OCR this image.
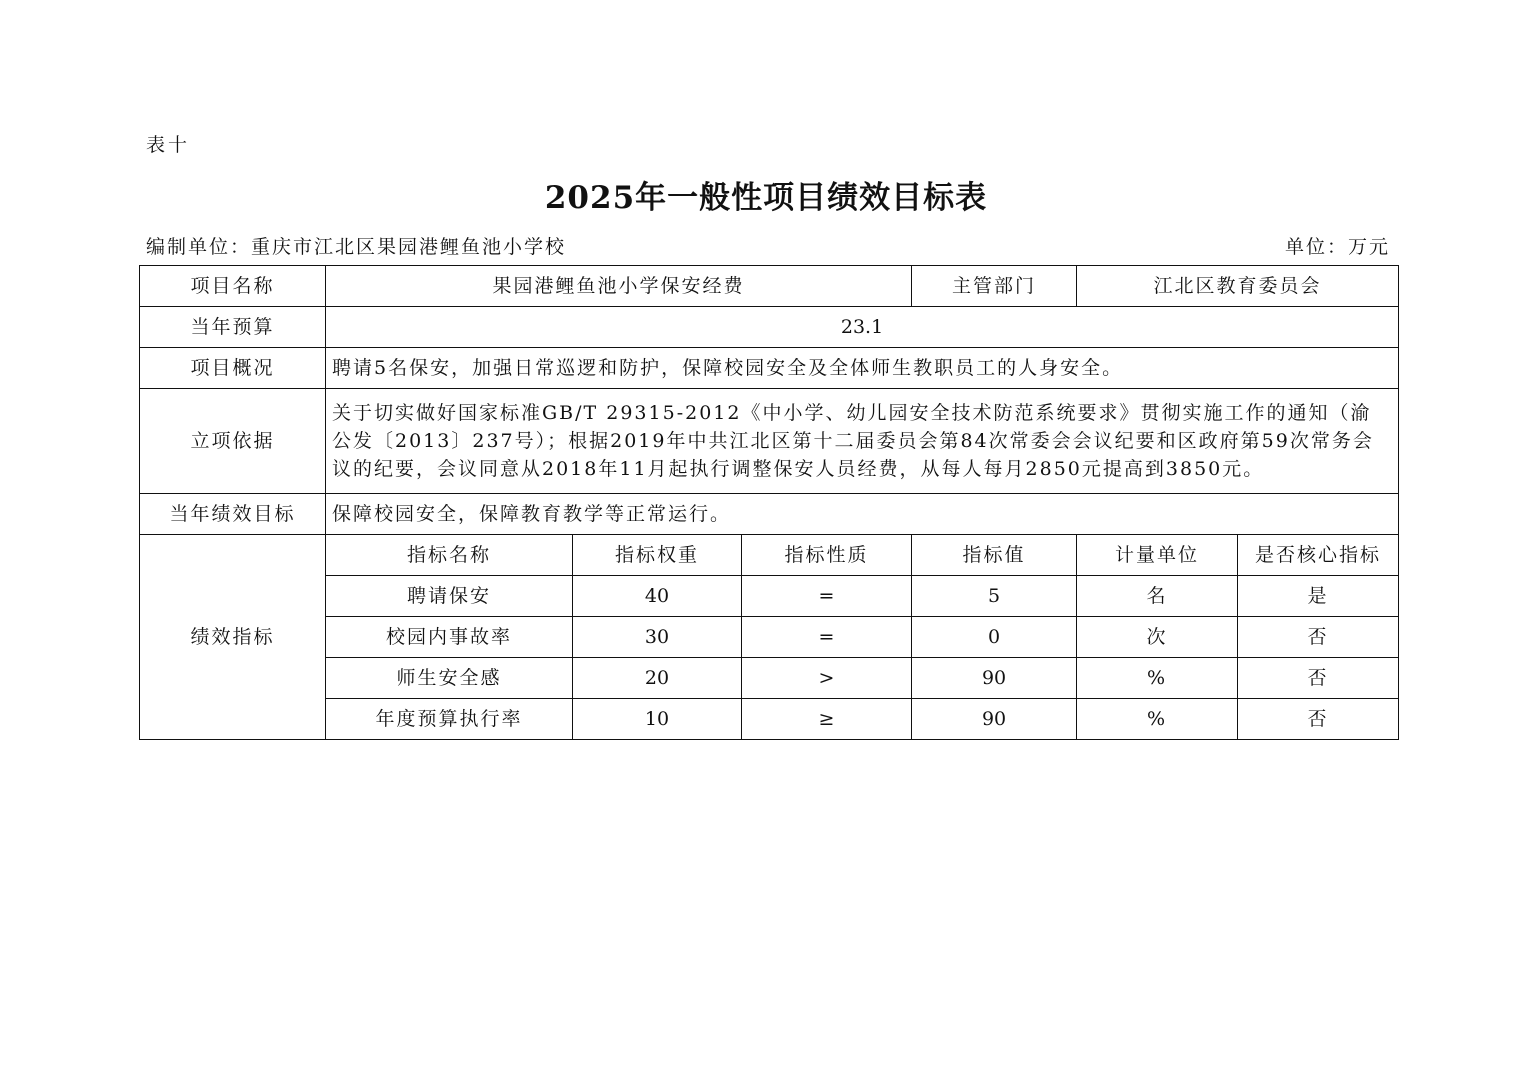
表十
2025年一般性项目绩效目标表
编制单位：重庆市江北区果园港鲤鱼池小学校	单位：万元
项目名称	果园港鲤鱼池小学保安经费			主管部门	江北区教育委员会	
当年预算	23.1					
项目概况	聘请5名保安，加强日常巡逻和防护，保障校园安全及全体师生教职员工的人身安全。					
立项依据	关于切实做好国家标准GB/T 29315-2012《中小学、幼儿园安全技术防范系统要求》贯彻实施工作的通知（渝公发〔2013〕237号）；根据2019年中共江北区第十二届委员会第84次常委会会议纪要和区政府第59次常务会议的纪要，会议同意从2018年11月起执行调整保安人员经费，从每人每月2850元提高到3850元。					
当年绩效目标	保障校园安全，保障教育教学等正常运行。					
绩效指标	指标名称	指标权重	指标性质	指标值	计量单位	是否核心指标
	聘请保安	40	=	5	名	是
	校园内事故率	30	=	0	次	否
	师生安全感	20	>	90	%	否
	年度预算执行率	10	≥	90	%	否
